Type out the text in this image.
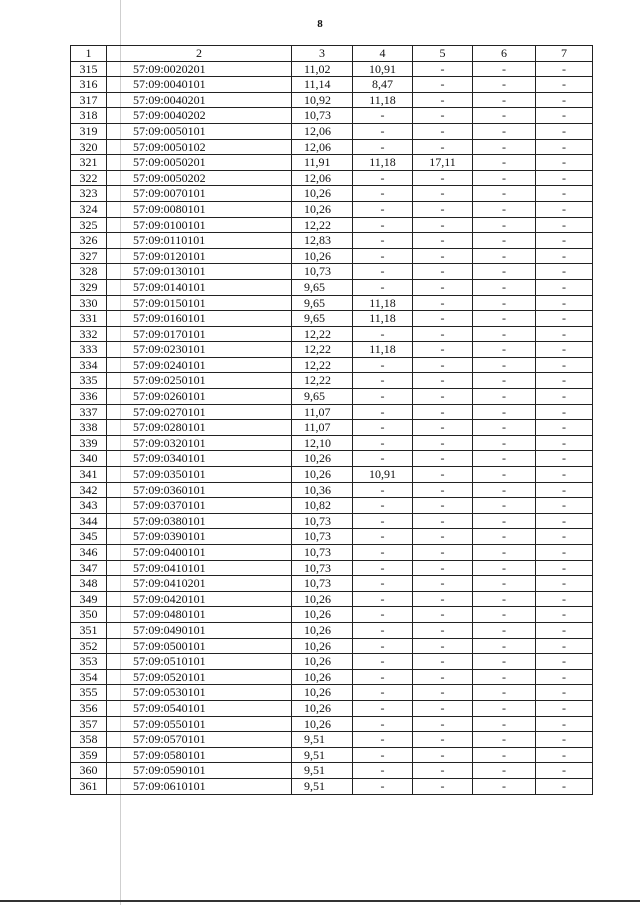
8
1	2	3	4	5	6	7
315	57:09:0020201	11,02	10,91	-	-	-
316	57:09:0040101	11,14	8,47	-	-	-
317	57:09:0040201	10,92	11,18	-	-	-
318	57:09:0040202	10,73	-	-	-	-
319	57:09:0050101	12,06	-	-	-	-
320	57:09:0050102	12,06	-	-	-	-
321	57:09:0050201	11,91	11,18	17,11	-	-
322	57:09:0050202	12,06	-	-	-	-
323	57:09:0070101	10,26	-	-	-	-
324	57:09:0080101	10,26	-	-	-	-
325	57:09:0100101	12,22	-	-	-	-
326	57:09:0110101	12,83	-	-	-	-
327	57:09:0120101	10,26	-	-	-	-
328	57:09:0130101	10,73	-	-	-	-
329	57:09:0140101	9,65	-	-	-	-
330	57:09:0150101	9,65	11,18	-	-	-
331	57:09:0160101	9,65	11,18	-	-	-
332	57:09:0170101	12,22	-	-	-	-
333	57:09:0230101	12,22	11,18	-	-	-
334	57:09:0240101	12,22	-	-	-	-
335	57:09:0250101	12,22	-	-	-	-
336	57:09:0260101	9,65	-	-	-	-
337	57:09:0270101	11,07	-	-	-	-
338	57:09:0280101	11,07	-	-	-	-
339	57:09:0320101	12,10	-	-	-	-
340	57:09:0340101	10,26	-	-	-	-
341	57:09:0350101	10,26	10,91	-	-	-
342	57:09:0360101	10,36	-	-	-	-
343	57:09:0370101	10,82	-	-	-	-
344	57:09:0380101	10,73	-	-	-	-
345	57:09:0390101	10,73	-	-	-	-
346	57:09:0400101	10,73	-	-	-	-
347	57:09:0410101	10,73	-	-	-	-
348	57:09:0410201	10,73	-	-	-	-
349	57:09:0420101	10,26	-	-	-	-
350	57:09:0480101	10,26	-	-	-	-
351	57:09:0490101	10,26	-	-	-	-
352	57:09:0500101	10,26	-	-	-	-
353	57:09:0510101	10,26	-	-	-	-
354	57:09:0520101	10,26	-	-	-	-
355	57:09:0530101	10,26	-	-	-	-
356	57:09:0540101	10,26	-	-	-	-
357	57:09:0550101	10,26	-	-	-	-
358	57:09:0570101	9,51	-	-	-	-
359	57:09:0580101	9,51	-	-	-	-
360	57:09:0590101	9,51	-	-	-	-
361	57:09:0610101	9,51	-	-	-	-
